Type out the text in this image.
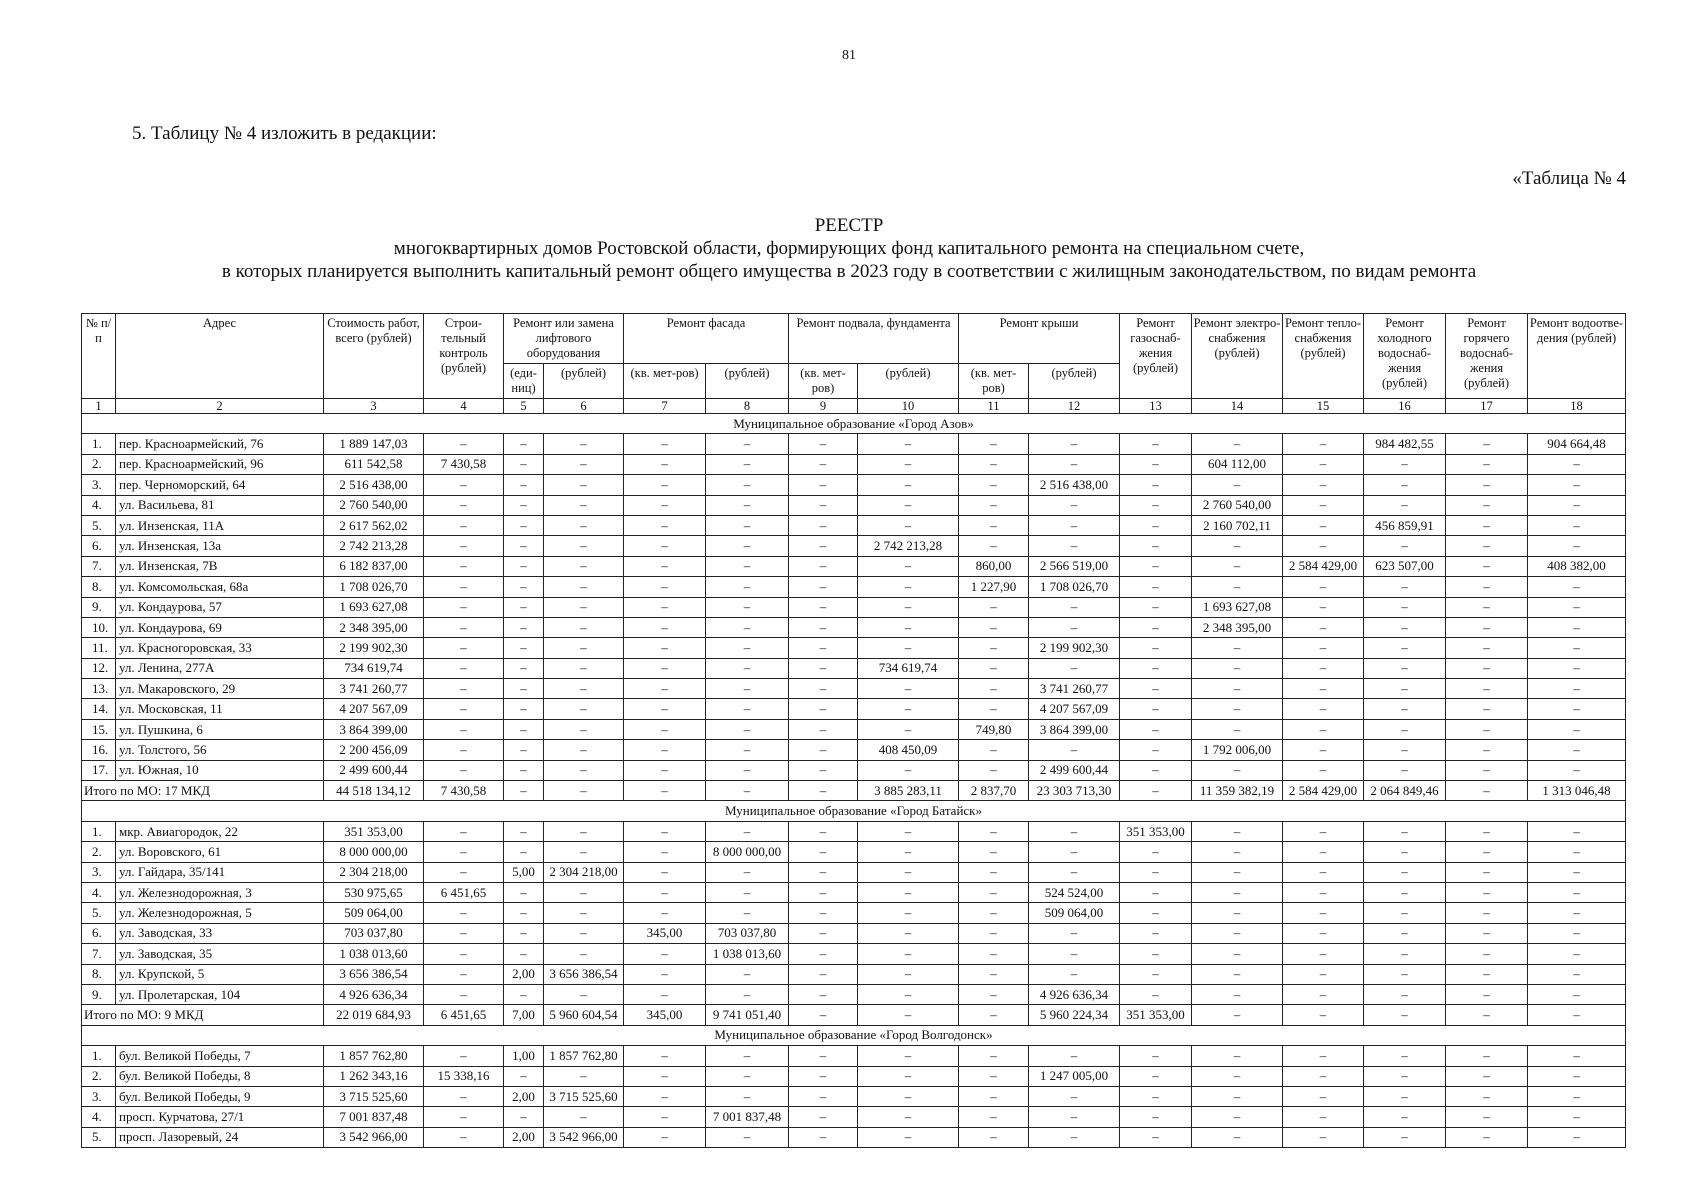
81
5. Таблицу № 4 изложить в редакции:
«Таблица № 4
РЕЕСТР
многоквартирных домов Ростовской области, формирующих фонд капитального ремонта на специальном счете,
в которых планируется выполнить капитальный ремонт общего имущества в 2023 году в соответствии с жилищным законодательством, по видам ремонта
№ п/п	Адрес	Стоимость работ, всего (рублей)	Строи-тельный контроль (рублей)	Ремонт или замена лифтового оборудования		Ремонт фасада		Ремонт подвала, фундамента		Ремонт крыши		Ремонт газоснаб-жения (рублей)	Ремонт электро-снабжения (рублей)	Ремонт тепло-снабжения (рублей)	Ремонт холодного водоснаб-жения (рублей)	Ремонт горячего водоснаб-жения (рублей)	Ремонт водоотве-дения (рублей)
				(еди-ниц)	(рублей)	(кв. мет-ров)	(рублей)	(кв. мет-ров)	(рублей)	(кв. мет-ров)	(рублей)						
1	2	3	4	5	6	7	8	9	10	11	12	13	14	15	16	17	18
Муниципальное образование «Город Азов»																	
1.	пер. Красноармейский, 76	1 889 147,03	–	–	–	–	–	–	–	–	–	–	–	–	984 482,55	–	904 664,48
2.	пер. Красноармейский, 96	611 542,58	7 430,58	–	–	–	–	–	–	–	–	–	604 112,00	–	–	–	–
3.	пер. Черноморский, 64	2 516 438,00	–	–	–	–	–	–	–	–	2 516 438,00	–	–	–	–	–	–
4.	ул. Васильева, 81	2 760 540,00	–	–	–	–	–	–	–	–	–	–	2 760 540,00	–	–	–	–
5.	ул. Инзенская, 11А	2 617 562,02	–	–	–	–	–	–	–	–	–	–	2 160 702,11	–	456 859,91	–	–
6.	ул. Инзенская, 13а	2 742 213,28	–	–	–	–	–	–	2 742 213,28	–	–	–	–	–	–	–	–
7.	ул. Инзенская, 7В	6 182 837,00	–	–	–	–	–	–	–	860,00	2 566 519,00	–	–	2 584 429,00	623 507,00	–	408 382,00
8.	ул. Комсомольская, 68а	1 708 026,70	–	–	–	–	–	–	–	1 227,90	1 708 026,70	–	–	–	–	–	–
9.	ул. Кондаурова, 57	1 693 627,08	–	–	–	–	–	–	–	–	–	–	1 693 627,08	–	–	–	–
10.	ул. Кондаурова, 69	2 348 395,00	–	–	–	–	–	–	–	–	–	–	2 348 395,00	–	–	–	–
11.	ул. Красногоровская, 33	2 199 902,30	–	–	–	–	–	–	–	–	2 199 902,30	–	–	–	–	–	–
12.	ул. Ленина, 277А	734 619,74	–	–	–	–	–	–	734 619,74	–	–	–	–	–	–	–	–
13.	ул. Макаровского, 29	3 741 260,77	–	–	–	–	–	–	–	–	3 741 260,77	–	–	–	–	–	–
14.	ул. Московская, 11	4 207 567,09	–	–	–	–	–	–	–	–	4 207 567,09	–	–	–	–	–	–
15.	ул. Пушкина, 6	3 864 399,00	–	–	–	–	–	–	–	749,80	3 864 399,00	–	–	–	–	–	–
16.	ул. Толстого, 56	2 200 456,09	–	–	–	–	–	–	408 450,09	–	–	–	1 792 006,00	–	–	–	–
17.	ул. Южная, 10	2 499 600,44	–	–	–	–	–	–	–	–	2 499 600,44	–	–	–	–	–	–
Итого по МО: 17 МКД		44 518 134,12	7 430,58	–	–	–	–	–	3 885 283,11	2 837,70	23 303 713,30	–	11 359 382,19	2 584 429,00	2 064 849,46	–	1 313 046,48
Муниципальное образование «Город Батайск»																	
1.	мкр. Авиагородок, 22	351 353,00	–	–	–	–	–	–	–	–	–	351 353,00	–	–	–	–	–
2.	ул. Воровского, 61	8 000 000,00	–	–	–	–	8 000 000,00	–	–	–	–	–	–	–	–	–	–
3.	ул. Гайдара, 35/141	2 304 218,00	–	5,00	2 304 218,00	–	–	–	–	–	–	–	–	–	–	–	–
4.	ул. Железнодорожная, 3	530 975,65	6 451,65	–	–	–	–	–	–	–	524 524,00	–	–	–	–	–	–
5.	ул. Железнодорожная, 5	509 064,00	–	–	–	–	–	–	–	–	509 064,00	–	–	–	–	–	–
6.	ул. Заводская, 33	703 037,80	–	–	–	345,00	703 037,80	–	–	–	–	–	–	–	–	–	–
7.	ул. Заводская, 35	1 038 013,60	–	–	–	–	1 038 013,60	–	–	–	–	–	–	–	–	–	–
8.	ул. Крупской, 5	3 656 386,54	–	2,00	3 656 386,54	–	–	–	–	–	–	–	–	–	–	–	–
9.	ул. Пролетарская, 104	4 926 636,34	–	–	–	–	–	–	–	–	4 926 636,34	–	–	–	–	–	–
Итого по МО: 9 МКД		22 019 684,93	6 451,65	7,00	5 960 604,54	345,00	9 741 051,40	–	–	–	5 960 224,34	351 353,00	–	–	–	–	–
Муниципальное образование «Город Волгодонск»																	
1.	бул. Великой Победы, 7	1 857 762,80	–	1,00	1 857 762,80	–	–	–	–	–	–	–	–	–	–	–	–
2.	бул. Великой Победы, 8	1 262 343,16	15 338,16	–	–	–	–	–	–	–	1 247 005,00	–	–	–	–	–	–
3.	бул. Великой Победы, 9	3 715 525,60	–	2,00	3 715 525,60	–	–	–	–	–	–	–	–	–	–	–	–
4.	просп. Курчатова, 27/1	7 001 837,48	–	–	–	–	7 001 837,48	–	–	–	–	–	–	–	–	–	–
5.	просп. Лазоревый, 24	3 542 966,00	–	2,00	3 542 966,00	–	–	–	–	–	–	–	–	–	–	–	–
